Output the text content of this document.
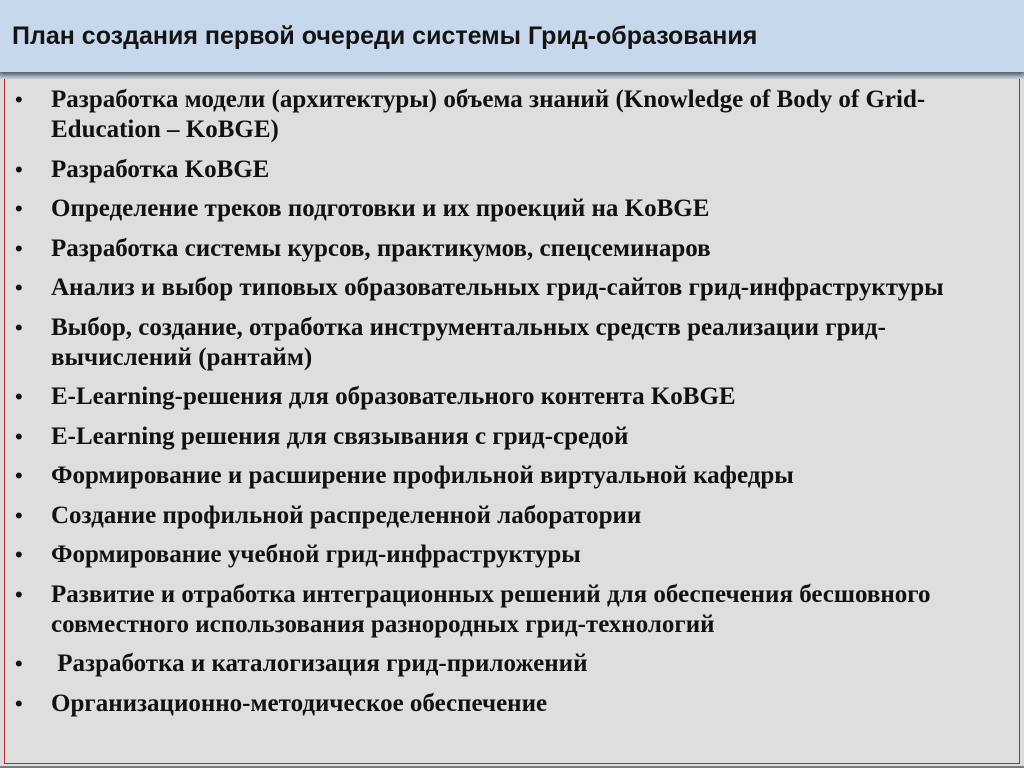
План создания первой очереди системы Грид-образования
• Разработка модели (архитектуры) объема знаний (Knowledge of Body of Grid-Education – KoBGE)
• Разработка KoBGE
• Определение треков подготовки и их проекций на KoBGE
• Разработка системы курсов, практикумов, спецсеминаров
• Анализ и выбор типовых образовательных грид-сайтов грид-инфраструктуры
• Выбор, создание, отработка инструментальных средств реализации грид-вычислений (рантайм)
• E-Learning-решения для образовательного контента KoBGE
• E-Learning решения для связывания с грид-средой
• Формирование и расширение профильной виртуальной кафедры
• Создание профильной распределенной лаборатории
• Формирование учебной грид-инфраструктуры
• Развитие и отработка интеграционных решений для обеспечения бесшовного совместного использования разнородных грид-технологий
• Разработка и каталогизация грид-приложений
• Организационно-методическое обеспечение
